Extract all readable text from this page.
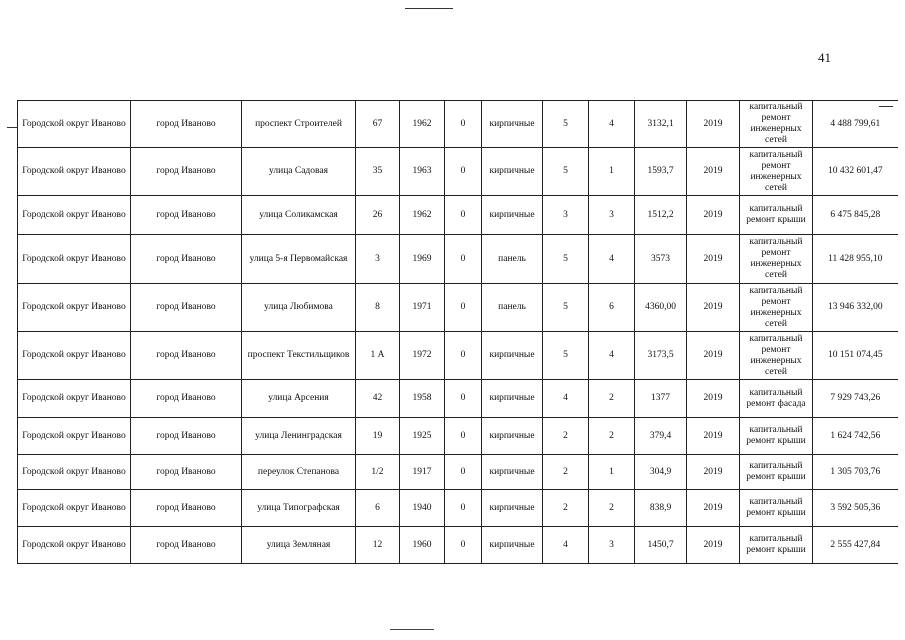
41
Городской округ Иваново	город Иваново	проспект Строителей	67	1962	0	кирпичные	5	4	3132,1	2019	капитальный ремонт инженерных сетей	4 488 799,61
Городской округ Иваново	город Иваново	улица Садовая	35	1963	0	кирпичные	5	1	1593,7	2019	капитальный ремонт инженерных сетей	10 432 601,47
Городской округ Иваново	город Иваново	улица Соликамская	26	1962	0	кирпичные	3	3	1512,2	2019	капитальный ремонт крыши	6 475 845,28
Городской округ Иваново	город Иваново	улица 5-я Первомайская	3	1969	0	панель	5	4	3573	2019	капитальный ремонт инженерных сетей	11 428 955,10
Городской округ Иваново	город Иваново	улица Любимова	8	1971	0	панель	5	6	4360,00	2019	капитальный ремонт инженерных сетей	13 946 332,00
Городской округ Иваново	город Иваново	проспект Текстильщиков	1 А	1972	0	кирпичные	5	4	3173,5	2019	капитальный ремонт инженерных сетей	10 151 074,45
Городской округ Иваново	город Иваново	улица Арсения	42	1958	0	кирпичные	4	2	1377	2019	капитальный ремонт фасада	7 929 743,26
Городской округ Иваново	город Иваново	улица Ленинградская	19	1925	0	кирпичные	2	2	379,4	2019	капитальный ремонт крыши	1 624 742,56
Городской округ Иваново	город Иваново	переулок Степанова	1/2	1917	0	кирпичные	2	1	304,9	2019	капитальный ремонт крыши	1 305 703,76
Городской округ Иваново	город Иваново	улица Типографская	6	1940	0	кирпичные	2	2	838,9	2019	капитальный ремонт крыши	3 592 505,36
Городской округ Иваново	город Иваново	улица Земляная	12	1960	0	кирпичные	4	3	1450,7	2019	капитальный ремонт крыши	2 555 427,84
